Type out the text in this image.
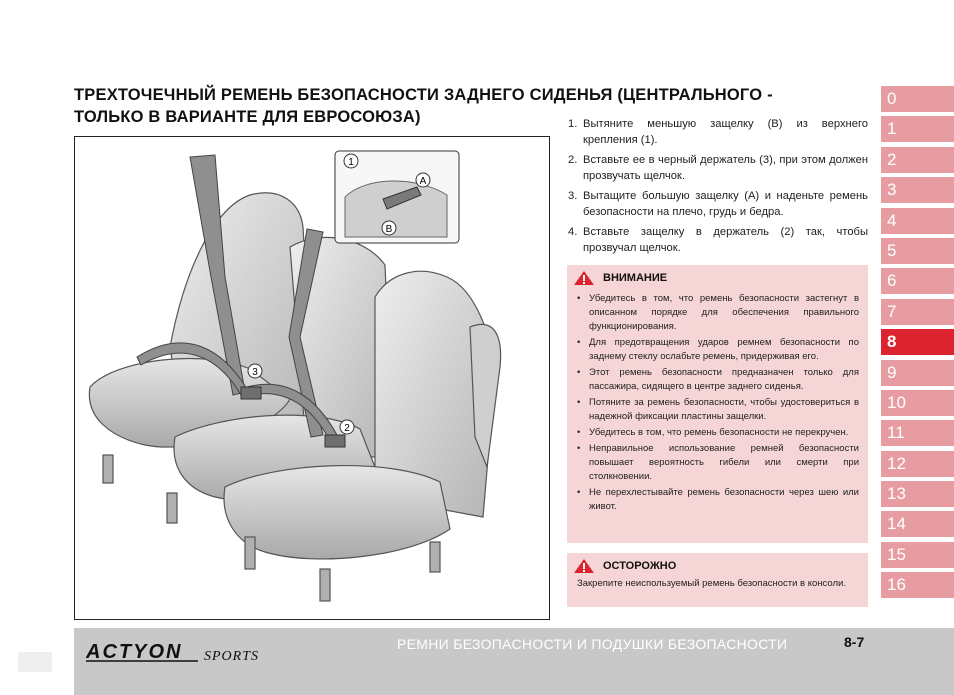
ТРЕХТОЧЕЧНЫЙ РЕМЕНЬ БЕЗОПАСНОСТИ ЗАДНЕГО СИДЕНЬЯ (ЦЕНТРАЛЬНОГО - ТОЛЬКО В ВАРИАНТЕ ДЛЯ ЕВРОСОЮЗА)
1
A
B
3
2
1. Вытяните меньшую защелку (B) из верхнего крепления (1).
2. Вставьте ее в черный держатель (3), при этом должен прозвучать щелчок.
3. Вытащите большую защелку (A) и наденьте ремень безопасности на плечо, грудь и бедра.
4. Вставьте защелку в держатель (2) так, чтобы прозвучал щелчок.
ВНИМАНИЕ
• Убедитесь в том, что ремень безопасности застегнут в описанном порядке для обеспечения правильного функционирования.
• Для предотвращения ударов ремнем безопасности по заднему стеклу ослабьте ремень, придерживая его.
• Этот ремень безопасности предназначен только для пассажира, сидящего в центре заднего сиденья.
• Потяните за ремень безопасности, чтобы удостовериться в надежной фиксации пластины защелки.
• Убедитесь в том, что ремень безопасности не перекручен.
• Неправильное использование ремней безопасности повышает вероятность гибели или смерти при столкновении.
• Не перехлестывайте ремень безопасности через шею или живот.
ОСТОРОЖНО
Закрепите неиспользуемый ремень безопасности в консоли.
0
1
2
3
4
5
6
7
8
9
10
11
12
13
14
15
16
ACTYON SPORTS
РЕМНИ БЕЗОПАСНОСТИ И ПОДУШКИ БЕЗОПАСНОСТИ	8-7
